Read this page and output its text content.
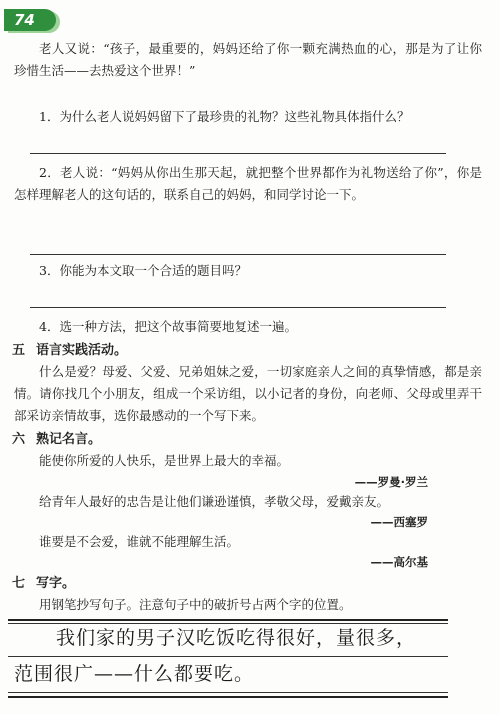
74
老人又说：“孩子，最重要的，妈妈还给了你一颗充满热血的心，那是为了让你珍惜生活——去热爱这个世界！”
1．为什么老人说妈妈留下了最珍贵的礼物？这些礼物具体指什么？
2．老人说：“妈妈从你出生那天起，就把整个世界都作为礼物送给了你”，你是怎样理解老人的这句话的，联系自己的妈妈，和同学讨论一下。
3．你能为本文取一个合适的题目吗？
4．选一种方法，把这个故事简要地复述一遍。
五 语言实践活动。
什么是爱？母爱、父爱、兄弟姐妹之爱，一切家庭亲人之间的真挚情感，都是亲情。请你找几个小朋友，组成一个采访组，以小记者的身份，向老师、父母或里弄干部采访亲情故事，选你最感动的一个写下来。
六 熟记名言。
能使你所爱的人快乐，是世界上最大的幸福。
——罗曼·罗兰
给青年人最好的忠告是让他们谦逊谨慎，孝敬父母，爱戴亲友。
——西塞罗
谁要是不会爱，谁就不能理解生活。
——高尔基
七 写字。
用钢笔抄写句子。注意句子中的破折号占两个字的位置。
我们家的男子汉吃饭吃得很好，量很多，
范围很广——什么都要吃。
